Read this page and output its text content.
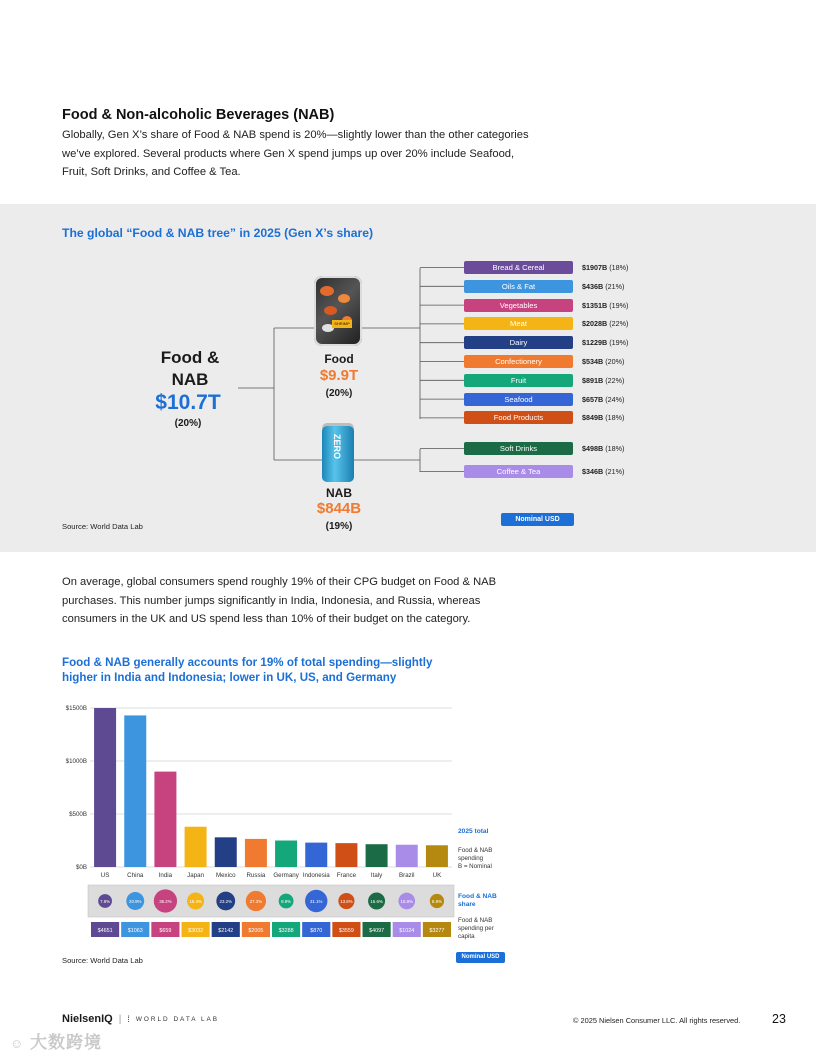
Food & Non-alcoholic Beverages (NAB)
Globally, Gen X’s share of Food & NAB spend is 20%—slightly lower than the other categories we’ve explored. Several products where Gen X spend jumps up over 20% include Seafood, Fruit, Soft Drinks, and Coffee & Tea.
The global “Food & NAB tree” in 2025 (Gen X’s share)
Food &
NAB
$10.7T
(20%)
SHRIMP
Food
$9.9T
(20%)
ZERO
NAB
$844B
(19%)
Bread & Cereal	$1907B (18%)
Oils & Fat	$436B (21%)
Vegetables	$1351B (19%)
Meat	$2028B (22%)
Dairy	$1229B (19%)
Confectionery	$534B (20%)
Fruit	$891B (22%)
Seafood	$657B (24%)
Food Products	$849B (18%)
Soft Drinks	$498B (18%)
Coffee & Tea	$346B (21%)
Nominal USD
Source: World Data Lab
On average, global consumers spend roughly 19% of their CPG budget on Food & NAB purchases. This number jumps significantly in India, Indonesia, and Russia, whereas consumers in the UK and US spend less than 10% of their budget on the category.
Food & NAB generally accounts for 19% of total spending—slightly
higher in India and Indonesia; lower in UK, US, and Germany
$1500B
$1000B
$500B
$0B
US	China India Japan Mexico Russia Germany Indonesia France Italy	Brazil	UK
7.8%	20.9%	36.2%	15.4%	23.2%	27.3%	9.9%	31.1%	13.8%	16.6%	15.8%	8.8%
$4651	$1063	$659	$3032	$2142	$2005	$3288	$870	$3559	$4097	$1024	$3277
2025 total
Food & NAB
spending
B = Nominal
Food & NAB
share
Food & NAB
spending per
capita
Nominal USD
Source: World Data Lab
NielsenIQ | ⁞ WORLD DATA LAB	© 2025 Nielsen Consumer LLC. All rights reserved.	23
☺ 大数跨境
